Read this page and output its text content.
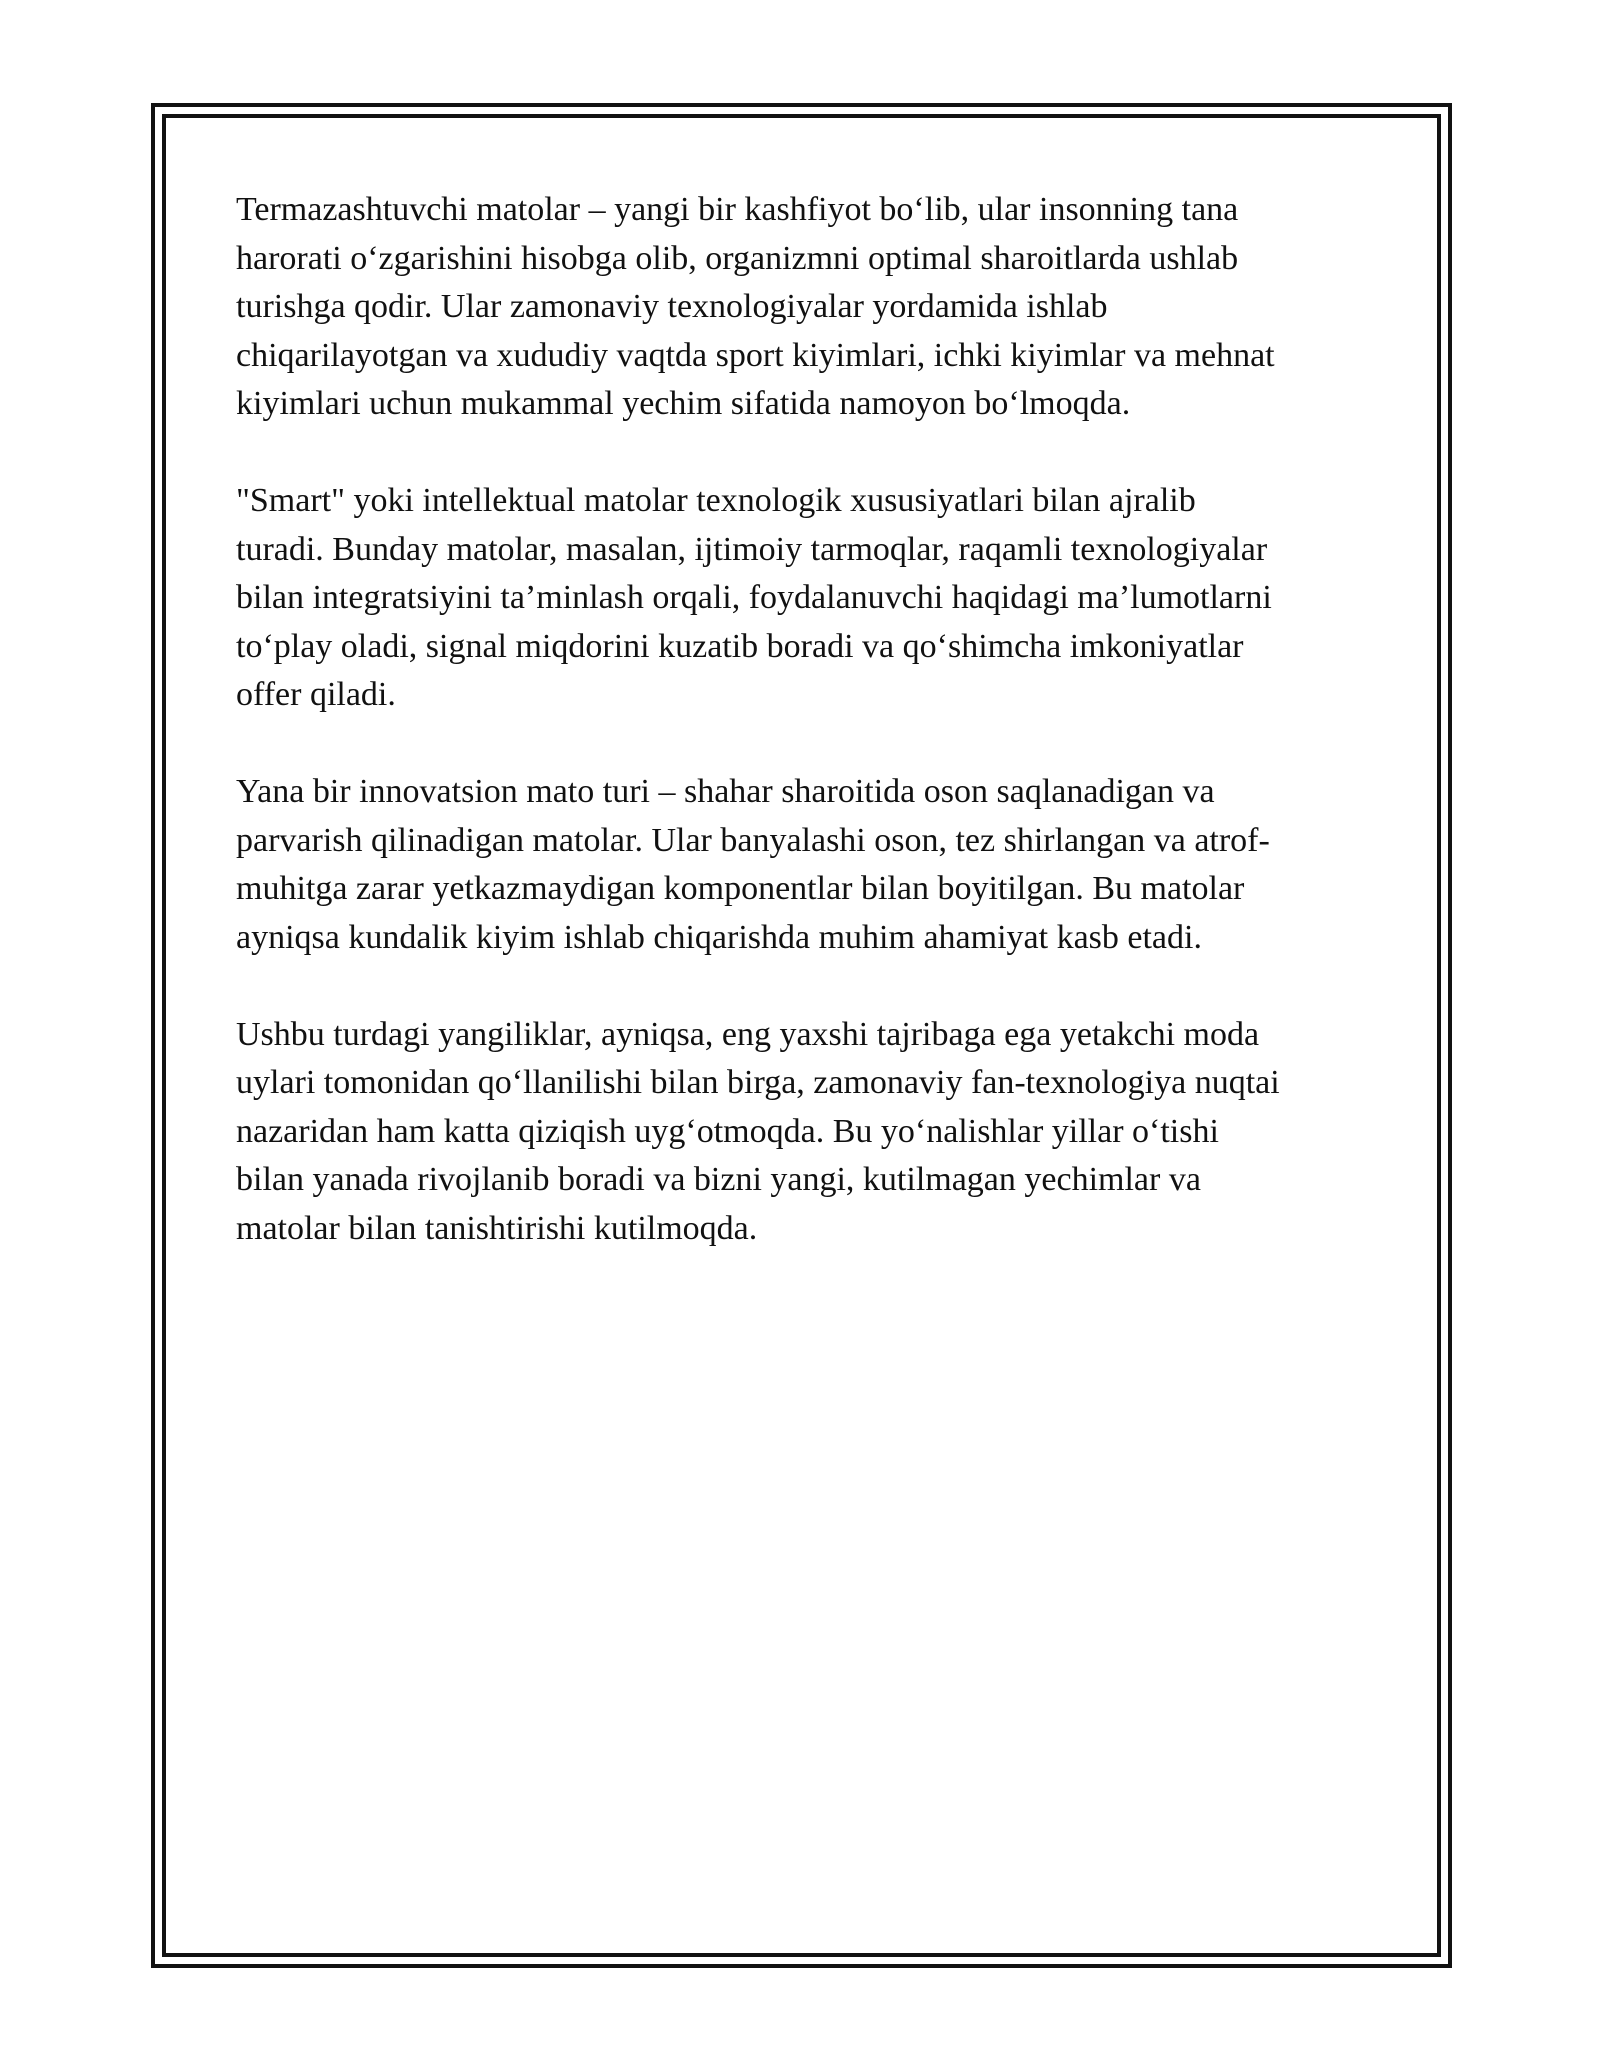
Termazashtuvchi matolar – yangi bir kashfiyot bo‘lib, ular insonning tana
harorati o‘zgarishini hisobga olib, organizmni optimal sharoitlarda ushlab
turishga qodir. Ular zamonaviy texnologiyalar yordamida ishlab
chiqarilayotgan va xududiy vaqtda sport kiyimlari, ichki kiyimlar va mehnat
kiyimlari uchun mukammal yechim sifatida namoyon bo‘lmoqda.

"Smart" yoki intellektual matolar texnologik xususiyatlari bilan ajralib
turadi. Bunday matolar, masalan, ijtimoiy tarmoqlar, raqamli texnologiyalar
bilan integratsiyini ta’minlash orqali, foydalanuvchi haqidagi ma’lumotlarni
to‘play oladi, signal miqdorini kuzatib boradi va qo‘shimcha imkoniyatlar
offer qiladi.

Yana bir innovatsion mato turi – shahar sharoitida oson saqlanadigan va
parvarish qilinadigan matolar. Ular banyalashi oson, tez shirlangan va atrof-
muhitga zarar yetkazmaydigan komponentlar bilan boyitilgan. Bu matolar
ayniqsa kundalik kiyim ishlab chiqarishda muhim ahamiyat kasb etadi.

Ushbu turdagi yangiliklar, ayniqsa, eng yaxshi tajribaga ega yetakchi moda
uylari tomonidan qo‘llanilishi bilan birga, zamonaviy fan-texnologiya nuqtai
nazaridan ham katta qiziqish uyg‘otmoqda. Bu yo‘nalishlar yillar o‘tishi
bilan yanada rivojlanib boradi va bizni yangi, kutilmagan yechimlar va
matolar bilan tanishtirishi kutilmoqda.
